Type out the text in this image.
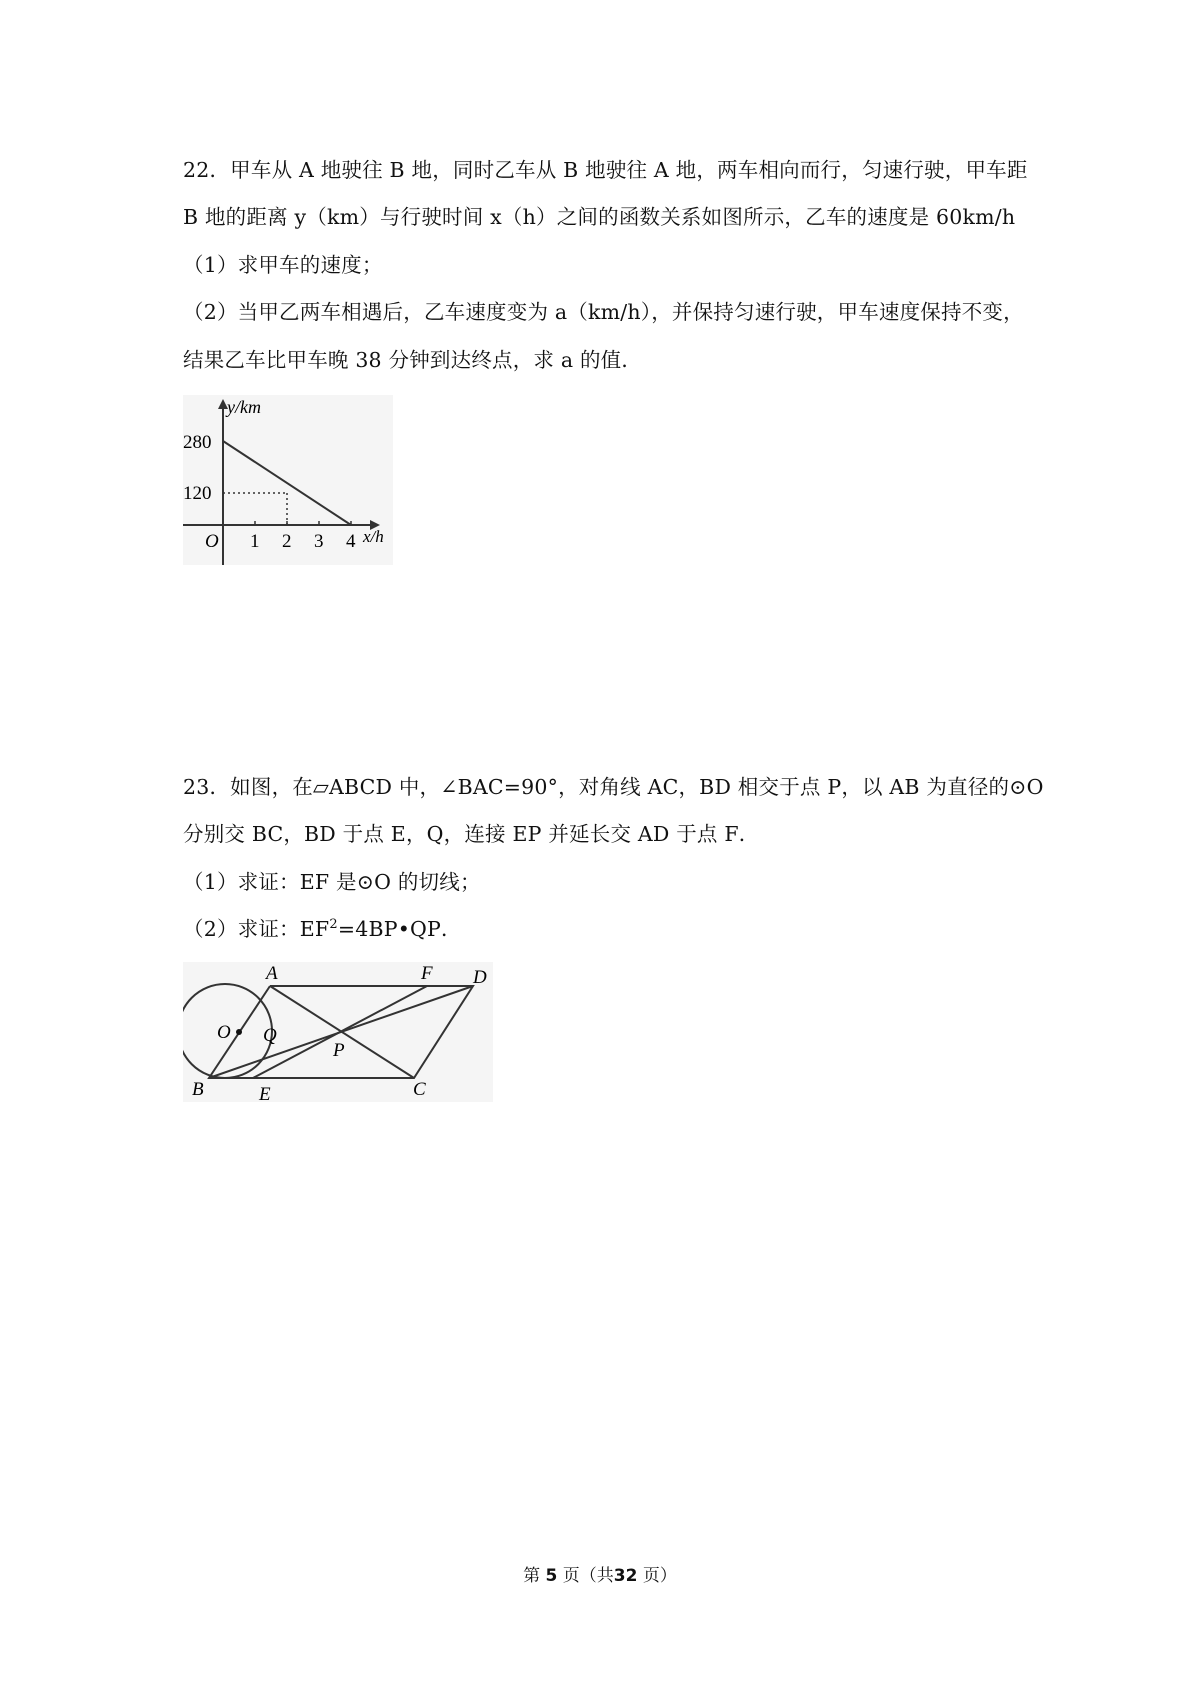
22．甲车从 A 地驶往 B 地，同时乙车从 B 地驶往 A 地，两车相向而行，匀速行驶，甲车距
B 地的距离 y（km）与行驶时间 x（h）之间的函数关系如图所示，乙车的速度是 60km/h
（1）求甲车的速度；
（2）当甲乙两车相遇后，乙车速度变为 a（km/h），并保持匀速行驶，甲车速度保持不变，
结果乙车比甲车晚 38 分钟到达终点，求 a 的值．
y/km
280
120
O 1 2 3 4 x/h
23．如图，在▱ABCD 中，∠BAC=90°，对角线 AC，BD 相交于点 P，以 AB 为直径的⊙O
分别交 BC，BD 于点 E，Q，连接 EP 并延长交 AD 于点 F．
（1）求证：EF 是⊙O 的切线；
（2）求证：$EF^2=4BP•QP$．
A	F D
O Q
P
B	E	C
第 5 页（共32 页）
